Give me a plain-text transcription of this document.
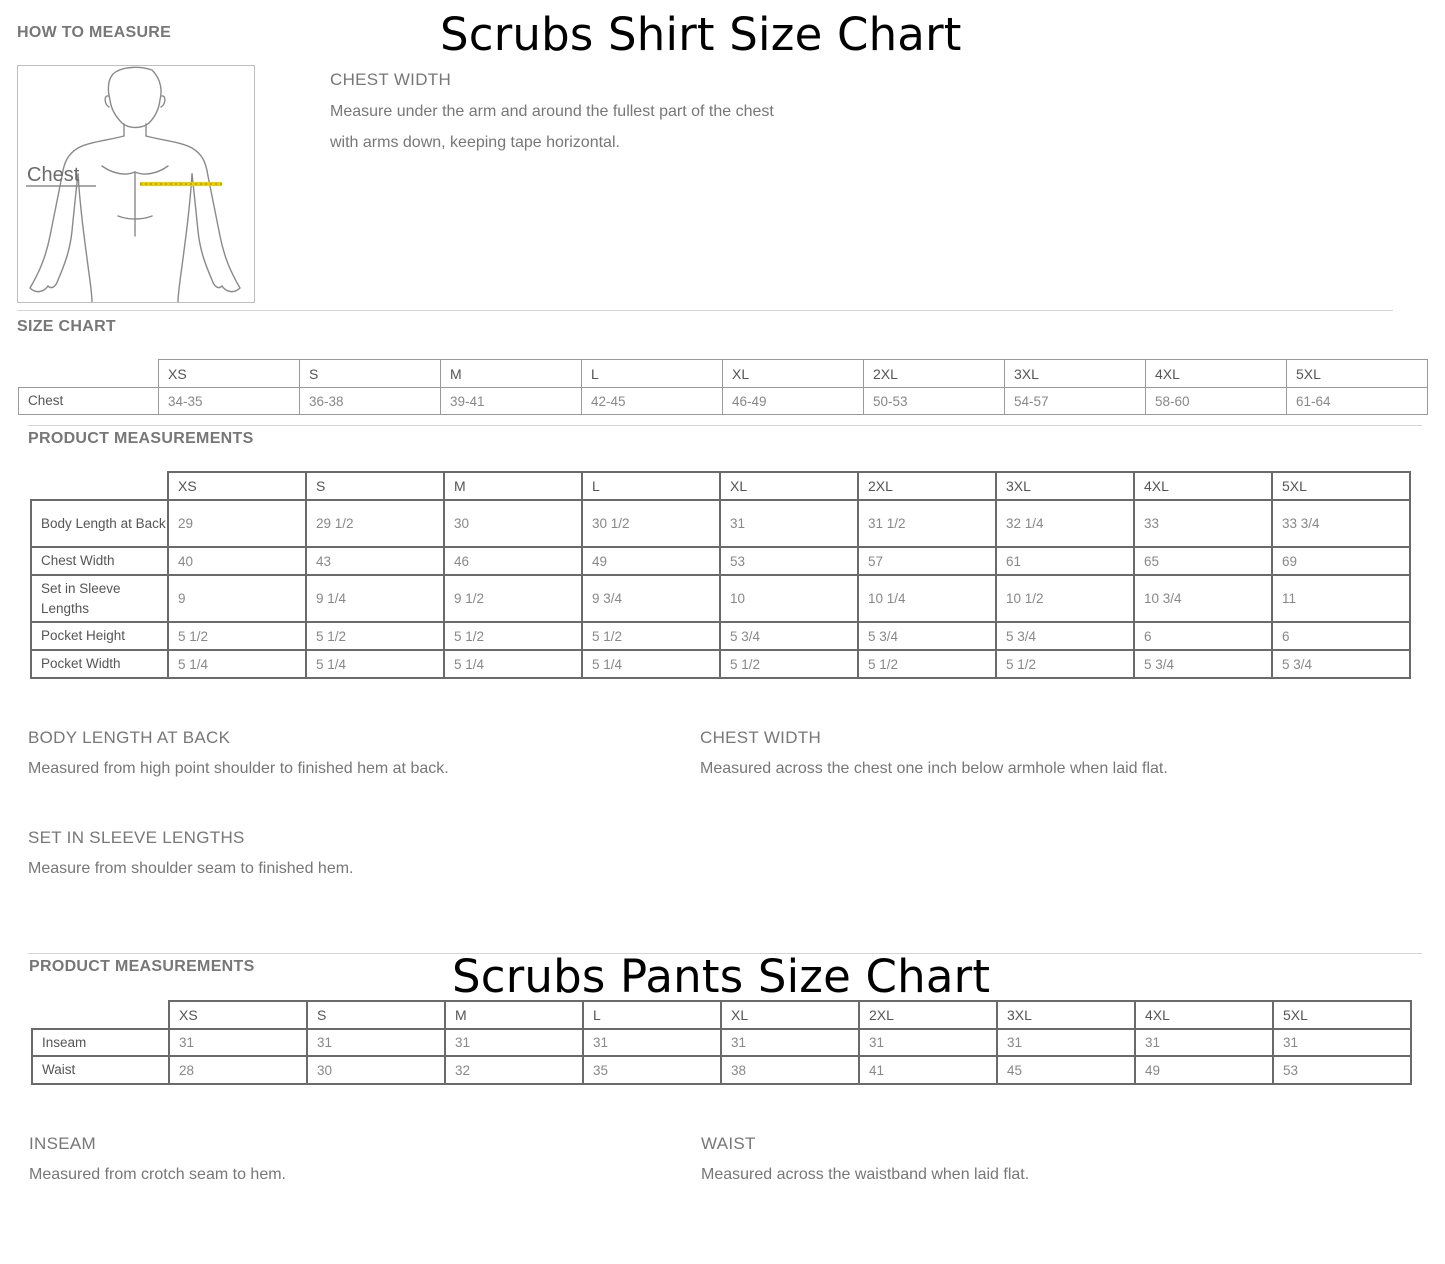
HOW TO MEASURE	Scrubs Shirt Size Chart
Chest
CHEST WIDTH
Measure under the arm and around the fullest part of the chest
with arms down, keeping tape horizontal.
SIZE CHART
	XS	S	M	L	XL	2XL	3XL	4XL	5XL
Chest	34-35	36-38	39-41	42-45	46-49	50-53	54-57	58-60	61-64
PRODUCT MEASUREMENTS
	XS	S	M	L	XL	2XL	3XL	4XL	5XL
Body Length at Back	29	29 1/2	30	30 1/2	31	31 1/2	32 1/4	33	33 3/4
Chest Width	40	43	46	49	53	57	61	65	69
Set in Sleeve Lengths	9	9 1/4	9 1/2	9 3/4	10	10 1/4	10 1/2	10 3/4	11
Pocket Height	5 1/2	5 1/2	5 1/2	5 1/2	5 3/4	5 3/4	5 3/4	6	6
Pocket Width	5 1/4	5 1/4	5 1/4	5 1/4	5 1/2	5 1/2	5 1/2	5 3/4	5 3/4
BODY LENGTH AT BACK
Measured from high point shoulder to finished hem at back.
CHEST WIDTH
Measured across the chest one inch below armhole when laid flat.
SET IN SLEEVE LENGTHS
Measure from shoulder seam to finished hem.
PRODUCT MEASUREMENTS	Scrubs Pants Size Chart
	XS	S	M	L	XL	2XL	3XL	4XL	5XL
Inseam	31	31	31	31	31	31	31	31	31
Waist	28	30	32	35	38	41	45	49	53
INSEAM
Measured from crotch seam to hem.
WAIST
Measured across the waistband when laid flat.
